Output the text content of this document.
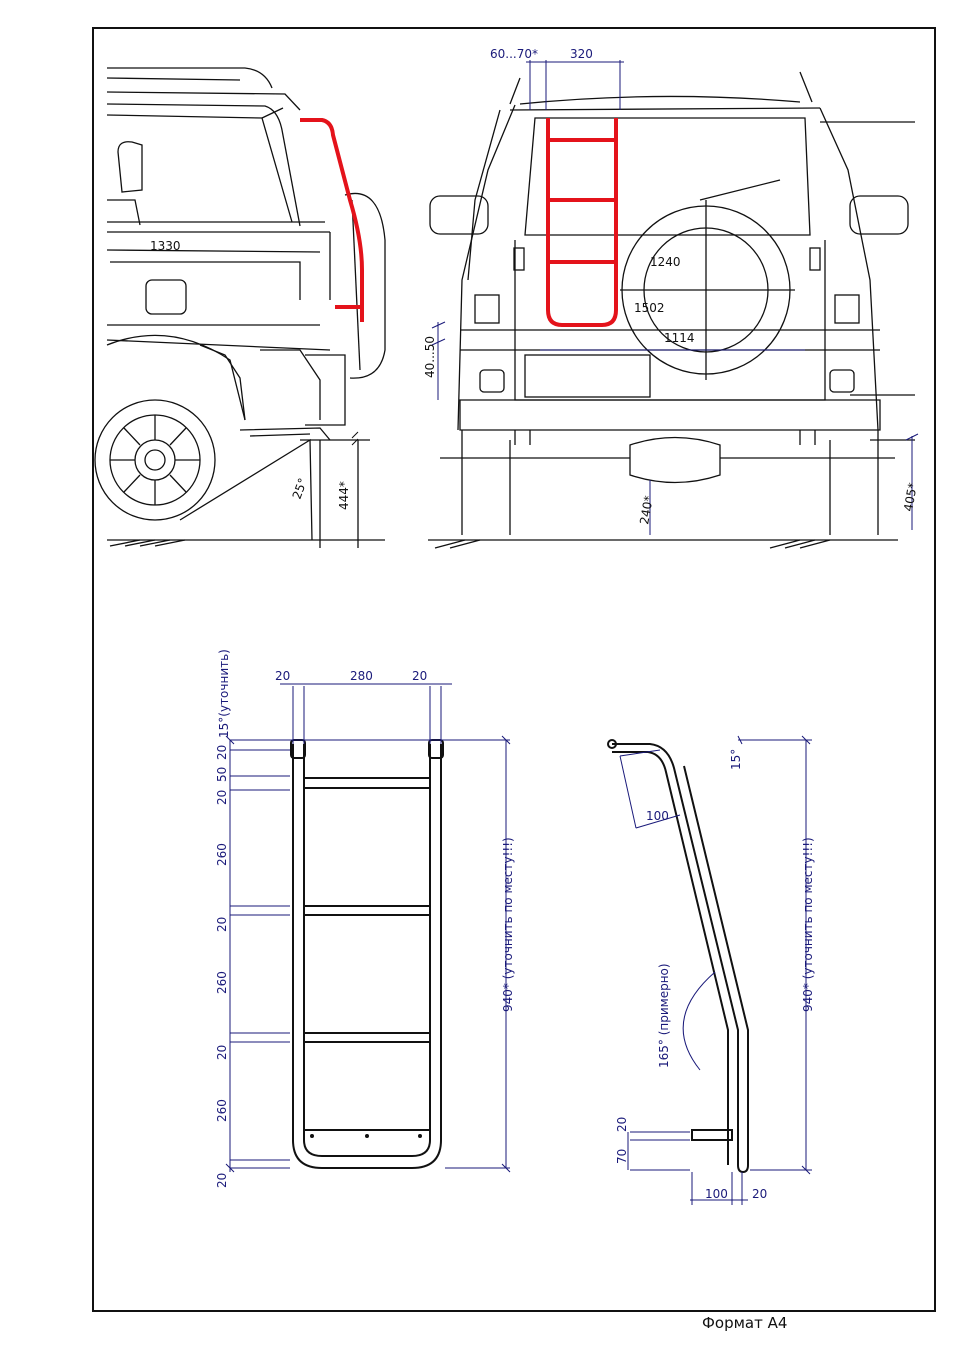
Формат А4
1330
444*
25°
60...70*	320
1240
1502
1114
40...50
405*
240*
20	280	20
15°(уточнить)
940* (уточнить по месту!!!)
20
50
20
260
20
260
20
260
20
15°
100
165° (примерно)
940* (уточнить по месту!!!)
20
70
100 20
